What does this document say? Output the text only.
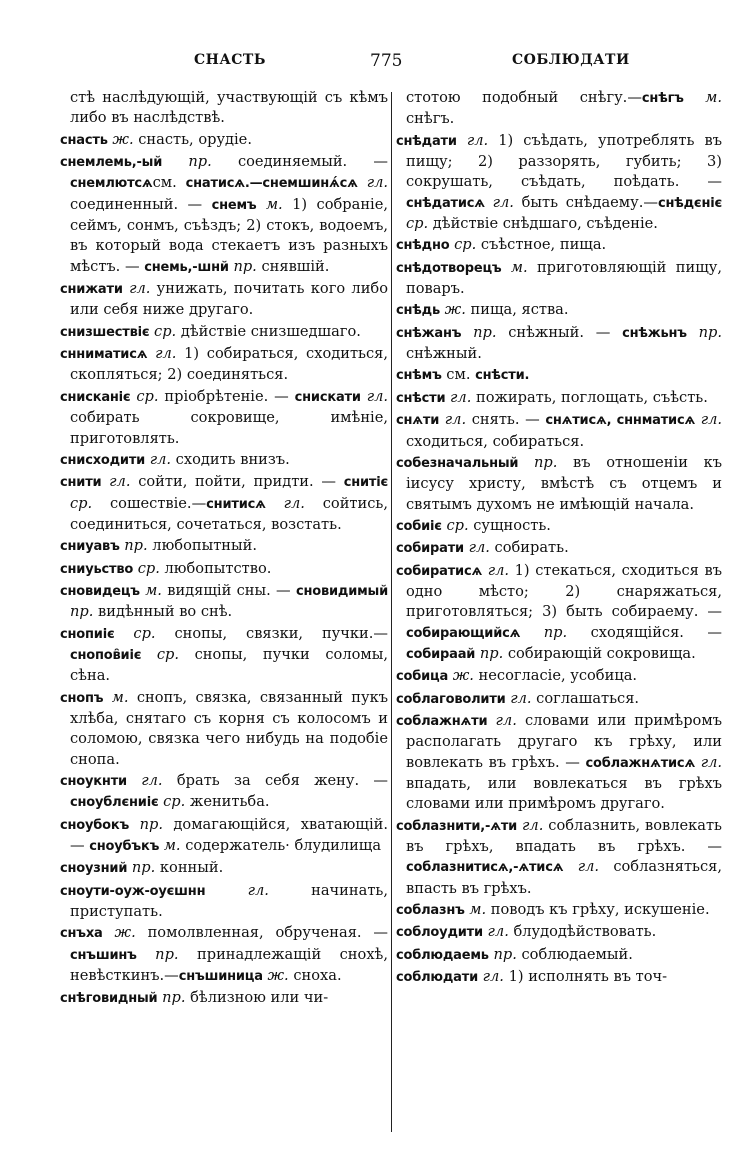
СНАСТЬ	775	СОБЛЮДАТИ

стѣ наслѣдующій, участвующій съ кѣмъ либо въ наслѣдствѣ.

снасть ж. снасть, орудіе.

снемлемь,-ый пр. соединяемый. — снемлютсѧсм. снатисѧ.—снемшинѧ́сѧ гл. соединенный. — снемъ м. 1) собраніе, сеймъ, сонмъ, съѣздъ; 2) стокъ, водоемъ, въ который вода стекаетъ изъ разныхъ мѣстъ. — снемь,-шнй пр. снявшій.

снижати гл. унижать, почитать кого либо или себя ниже другаго.

снизшествіє ср. дѣйствіе снизшедшаго.

снниматисѧ гл. 1) собираться, сходиться, скопляться; 2) соединяться.

снисканіє ср. пріобрѣтеніе. — снискати гл. собирать сокровище, имѣніе, приготовлять.

снисходити гл. сходить внизъ.

снити гл. сойти, пойти, придти. — снитіє ср. сошествіе.—снитисѧ гл. сойтись, соединиться, сочетаться, возстать.

сниуавъ пр. любопытный.

сниуьство ср. любопытство.

сновидецъ м. видящій сны. — сновидимый пр. видѣнный во снѣ.

снопиіє ср. снопы, связки, пучки.— снопов̑иіє ср. снопы, пучки соломы, сѣна.

снопъ м. снопъ, связка, связанный пукъ хлѣба, снятаго съ корня съ колосомъ и соломою, связка чего нибудь на подобіе снопа.

сноукнти гл. брать за себя жену. — сноублєниіє ср. женитьба.

сноубокъ пр. домагающійся, хватающій. — сноубъкъ м. содержатель· блудилища

сноузний пр. конный.

сноути-оуж-оуєшнн	гл. начинать, приступать.

снъха ж. помолвленная, обрученая. —снъшинъ пр. принадлежащій снохѣ, невѣсткинъ.—снъшиница ж. сноха.

снѣговидный пр. бѣлизною или чи-

стотою подобный снѣгу.—снѣгъ м. снѣгъ.

снѣдати гл. 1) съѣдать, употреблять въ пищу; 2) раззорять, губить; 3) сокрушать, съѣдать, поѣдать. — снѣдатисѧ гл. быть снѣдаему.—снѣдєніє ср. дѣйствіе снѣдшаго, съѣденіе.

снѣдно ср. съѣстное, пища.

снѣдотворецъ м. приготовляющій пищу, поваръ.

снѣдь ж. пища, яства.

снѣжанъ пр. снѣжный. — снѣжьнъ пр. снѣжный.

снѣмъ см. снѣсти.

снѣсти гл. пожирать, поглощать, съѣсть.

снѧти гл. снять. — снѧтисѧ, сннматисѧ гл. сходиться, собираться.

собезначальный пр. въ отношеніи къ іисусу христу, вмѣстѣ съ отцемъ и святымъ духомъ не имѣющій начала.

собиіє ср. сущность.

собирати гл. собирать.

собиратисѧ гл. 1) стекаться, сходиться въ одно мѣсто; 2) снаряжаться, приготовляться; 3) быть собираему. — собирающийсѧ пр. сходящійся. — собираай пр. собирающій сокровища.

собица ж. несогласіе, усобица.

соблаговолити гл. соглашаться.

соблажнѧти гл. словами или примѣромъ располагать другаго къ грѣху, или вовлекать въ грѣхъ. — соблажнѧтисѧ гл. впадать, или вовлекаться въ грѣхъ словами или примѣромъ другаго.

соблазнити,-ѧти гл. соблазнить, вовлекать въ грѣхъ, впадать въ грѣхъ. — соблазнитисѧ,-ѧтисѧ гл. соблазняться, впасть въ грѣхъ.

соблазнъ м. поводъ къ грѣху, искушеніе.

соблоудити гл. блудодѣйствовать.

соблюдаемь пр. соблюдаемый.

соблюдати гл. 1) исполнять въ точ-
